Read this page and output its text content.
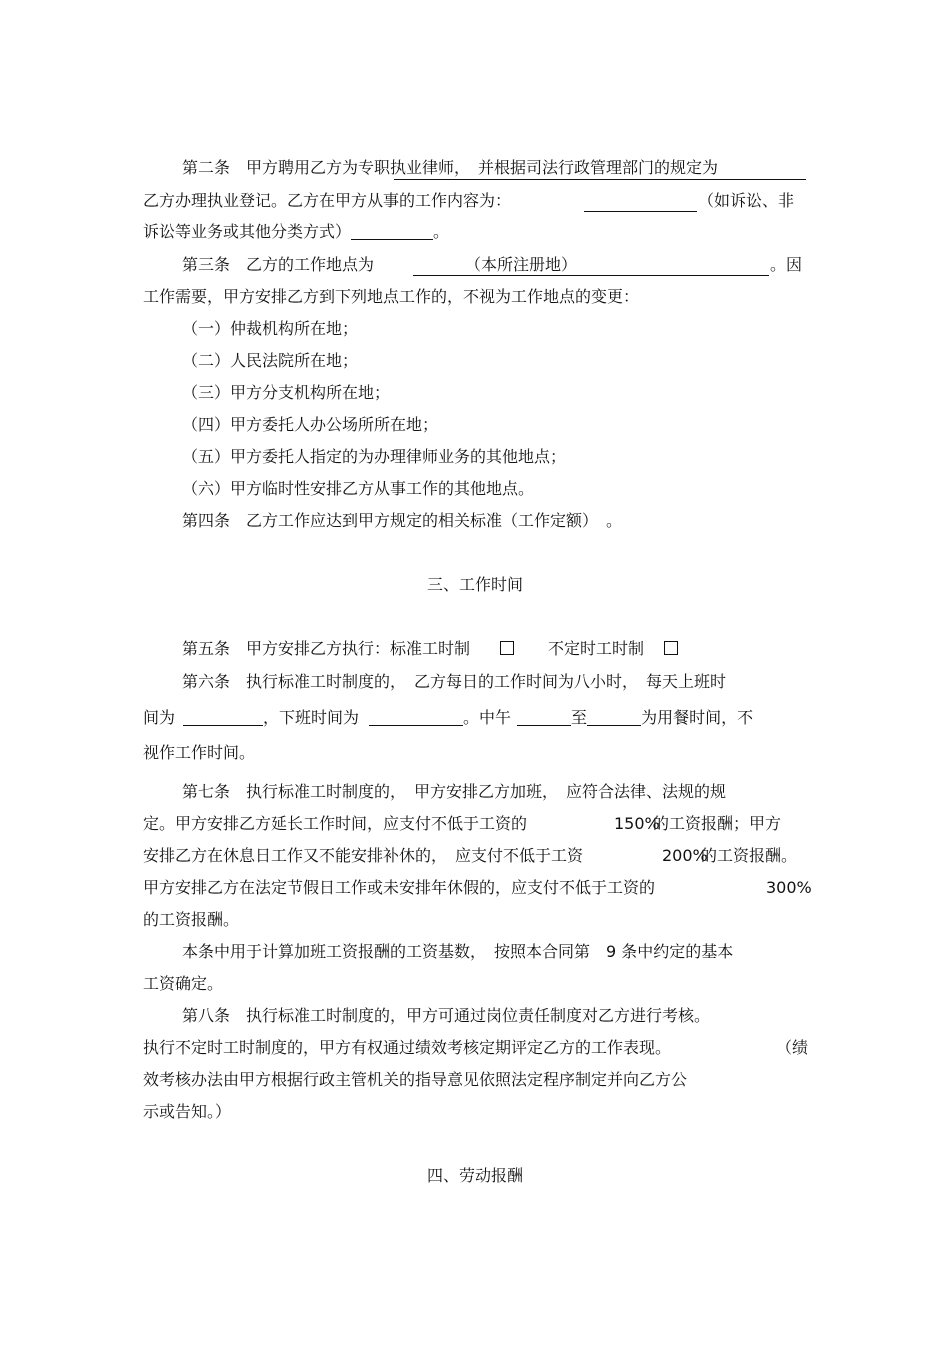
第二条　甲方聘用乙方为专职执业律师，　并根据司法行政管理部门的规定为
乙方办理执业登记。乙方在甲方从事的工作内容为：	（如诉讼、非
诉讼等业务或其他分类方式）	。
第三条　乙方的工作地点为	（本所注册地）	。因
工作需要，甲方安排乙方到下列地点工作的，不视为工作地点的变更：
（一）仲裁机构所在地；
（二）人民法院所在地；
（三）甲方分支机构所在地；
（四）甲方委托人办公场所所在地；
（五）甲方委托人指定的为办理律师业务的其他地点；
（六）甲方临时性安排乙方从事工作的其他地点。
第四条　乙方工作应达到甲方规定的相关标准（工作定额）　。
三、工作时间
第五条　甲方安排乙方执行：标准工时制	不定时工时制
第六条　执行标准工时制度的，　乙方每日的工作时间为八小时，　每天上班时
间为	，下班时间为	。中午	至	为用餐时间，不
视作工作时间。
第七条　执行标准工时制度的，　甲方安排乙方加班，　应符合法律、法规的规
定。甲方安排乙方延长工作时间，应支付不低于工资的	150%
的工资报酬；甲方
安排乙方在休息日工作又不能安排补休的，　应支付不低于工资	200%
的工资报酬。
甲方安排乙方在法定节假日工作或未安排年休假的，应支付不低于工资的	300%
的工资报酬。
本条中用于计算加班工资报酬的工资基数，　按照本合同第　9 条中约定的基本
工资确定。
第八条　执行标准工时制度的，甲方可通过岗位责任制度对乙方进行考核。
执行不定时工时制度的，甲方有权通过绩效考核定期评定乙方的工作表现。	（绩
效考核办法由甲方根据行政主管机关的指导意见依照法定程序制定并向乙方公
示或告知。）
四、劳动报酬
